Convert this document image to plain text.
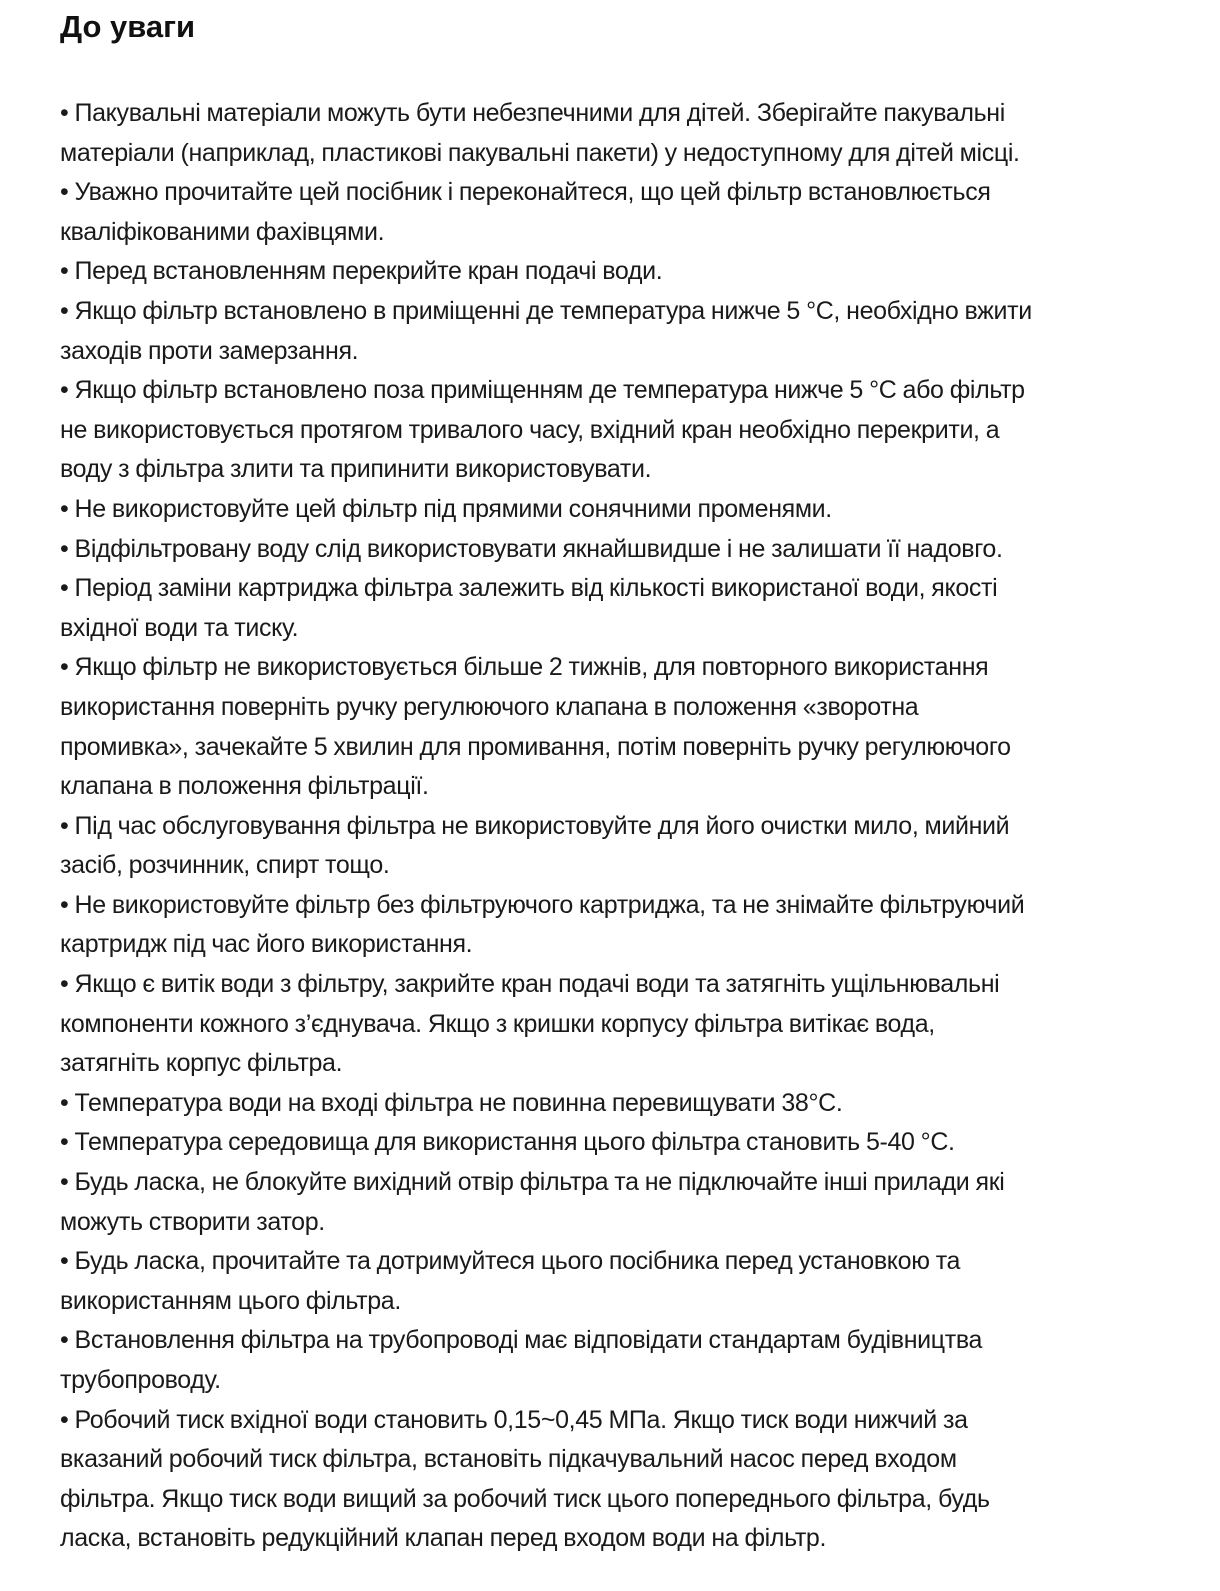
До уваги
• Пакувальні матеріали можуть бути небезпечними для дітей. Зберігайте пакувальні
матеріали (наприклад, пластикові пакувальні пакети) у недоступному для дітей місці.
• Уважно прочитайте цей посібник і переконайтеся, що цей фільтр встановлюється
кваліфікованими фахівцями.
• Перед встановленням перекрийте кран подачі води.
• Якщо фільтр встановлено в приміщенні де температура нижче 5 °C, необхідно вжити
заходів проти замерзання.
• Якщо фільтр встановлено поза приміщенням де температура нижче 5 °C або фільтр
не використовується протягом тривалого часу, вхідний кран необхідно перекрити, а
воду з фільтра злити та припинити використовувати.
• Не використовуйте цей фільтр під прямими сонячними променями.
• Відфільтровану воду слід використовувати якнайшвидше і не залишати її надовго.
• Період заміни картриджа фільтра залежить від кількості використаної води, якості
вхідної води та тиску.
• Якщо фільтр не використовується більше 2 тижнів, для повторного використання
використання поверніть ручку регулюючого клапана в положення «зворотна
промивка», зачекайте 5 хвилин для промивання, потім поверніть ручку регулюючого
клапана в положення фільтрації.
• Під час обслуговування фільтра не використовуйте для його очистки мило, мийний
засіб, розчинник, спирт тощо.
• Не використовуйте фільтр без фільтруючого картриджа, та не знімайте фільтруючий
картридж під час його використання.
• Якщо є витік води з фільтру, закрийте кран подачі води та затягніть ущільнювальні
компоненти кожного з’єднувача. Якщо з кришки корпусу фільтра витікає вода,
затягніть корпус фільтра.
• Температура води на вході фільтра не повинна перевищувати 38°C.
• Температура середовища для використання цього фільтра становить 5-40 °C.
• Будь ласка, не блокуйте вихідний отвір фільтра та не підключайте інші прилади які
можуть створити затор.
• Будь ласка, прочитайте та дотримуйтеся цього посібника перед установкою та
використанням цього фільтра.
• Встановлення фільтра на трубопроводі має відповідати стандартам будівництва
трубопроводу.
• Робочий тиск вхідної води становить 0,15~0,45 МПа. Якщо тиск води нижчий за
вказаний робочий тиск фільтра, встановіть підкачувальний насос перед входом
фільтра. Якщо тиск води вищий за робочий тиск цього попереднього фільтра, будь
ласка, встановіть редукційний клапан перед входом води на фільтр.
